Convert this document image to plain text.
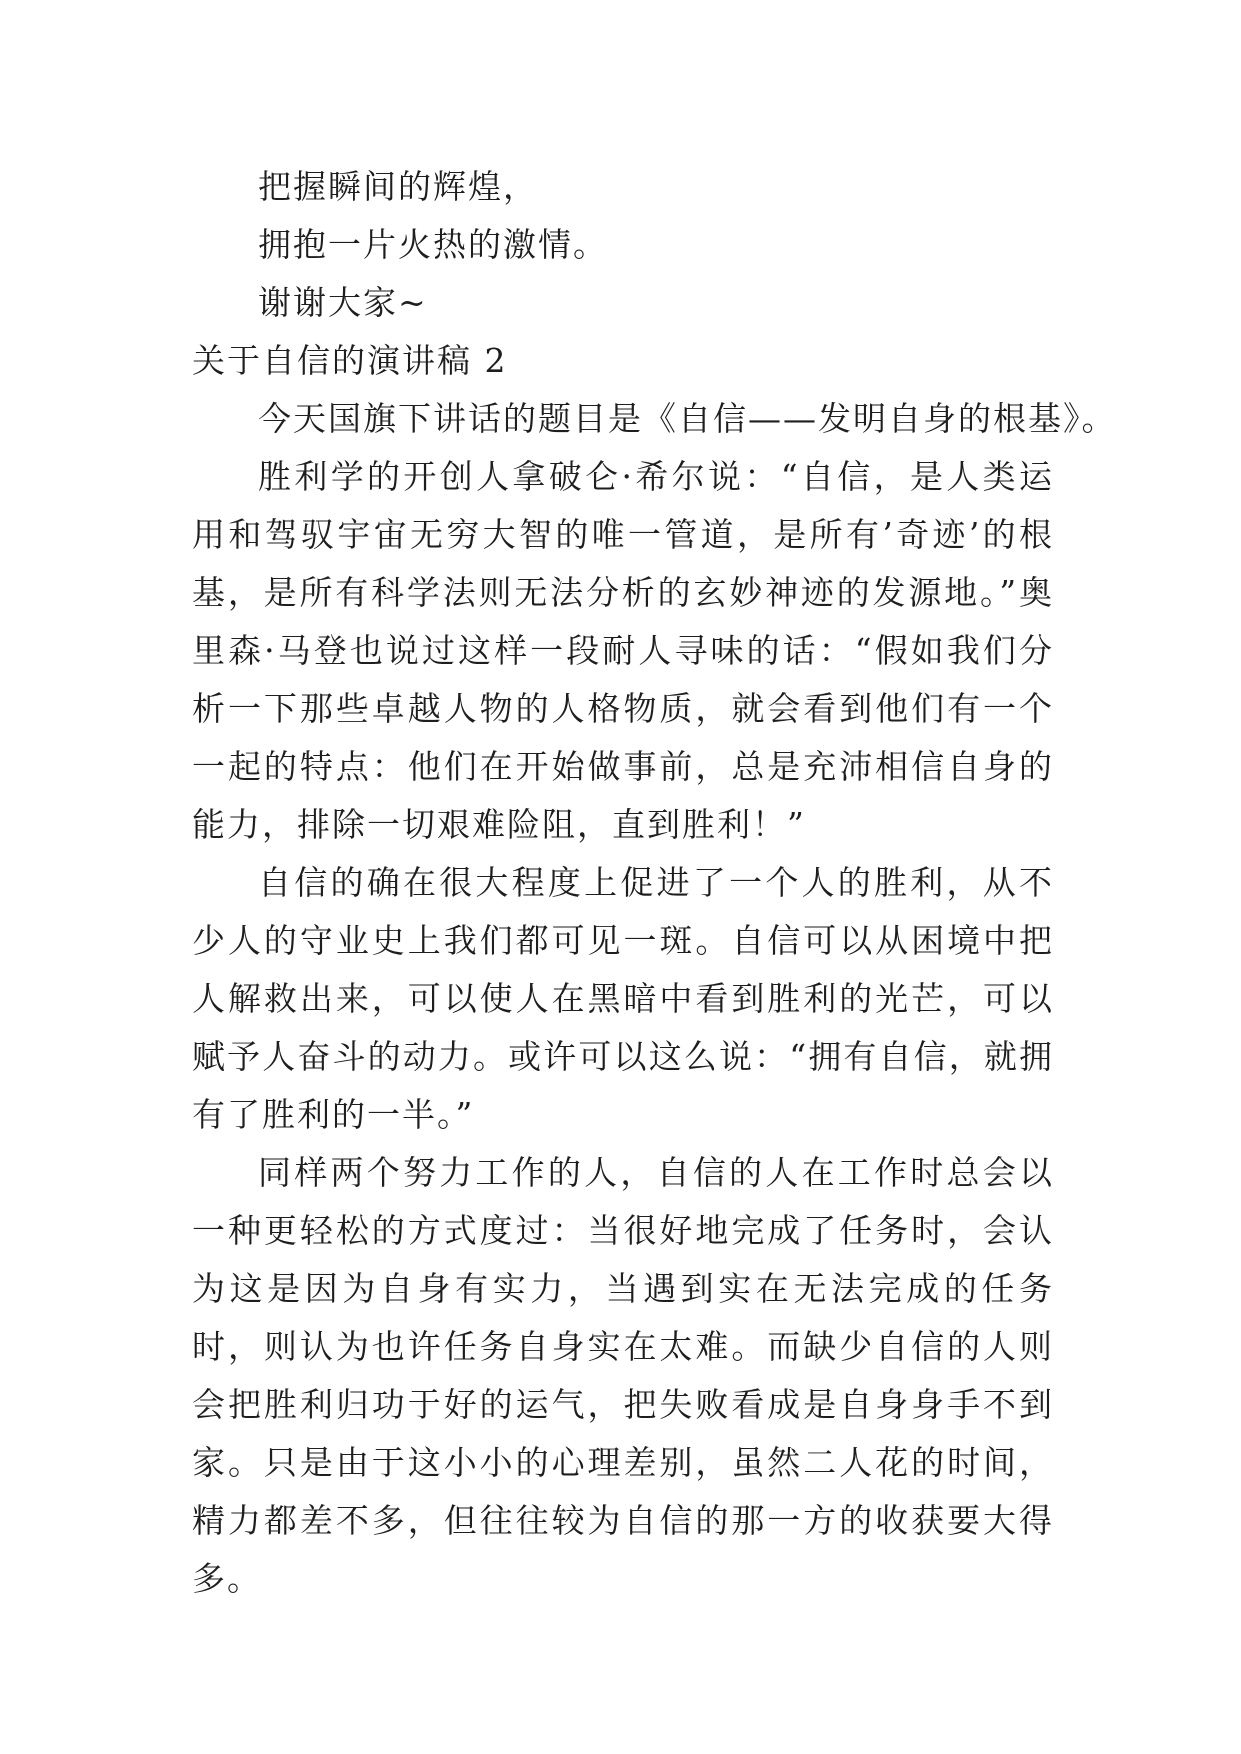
把握瞬间的辉煌，

拥抱一片火热的激情。

谢谢大家~

关于自信的演讲稿 2

今天国旗下讲话的题目是《自信——发明自身的根基》。

胜利学的开创人拿破仑·希尔说：“自信，是人类运用和驾驭宇宙无穷大智的唯一管道，是所有’奇迹’的根基，是所有科学法则无法分析的玄妙神迹的发源地。”奥里森·马登也说过这样一段耐人寻味的话：“假如我们分析一下那些卓越人物的人格物质，就会看到他们有一个一起的特点：他们在开始做事前，总是充沛相信自身的能力，排除一切艰难险阻，直到胜利！”

自信的确在很大程度上促进了一个人的胜利，从不少人的守业史上我们都可见一斑。自信可以从困境中把人解救出来，可以使人在黑暗中看到胜利的光芒，可以赋予人奋斗的动力。或许可以这么说：“拥有自信，就拥有了胜利的一半。”

同样两个努力工作的人，自信的人在工作时总会以一种更轻松的方式度过：当很好地完成了任务时，会认为这是因为自身有实力，当遇到实在无法完成的任务时，则认为也许任务自身实在太难。而缺少自信的人则会把胜利归功于好的运气，把失败看成是自身身手不到家。只是由于这小小的心理差别，虽然二人花的时间，精力都差不多，但往往较为自信的那一方的收获要大得多。
